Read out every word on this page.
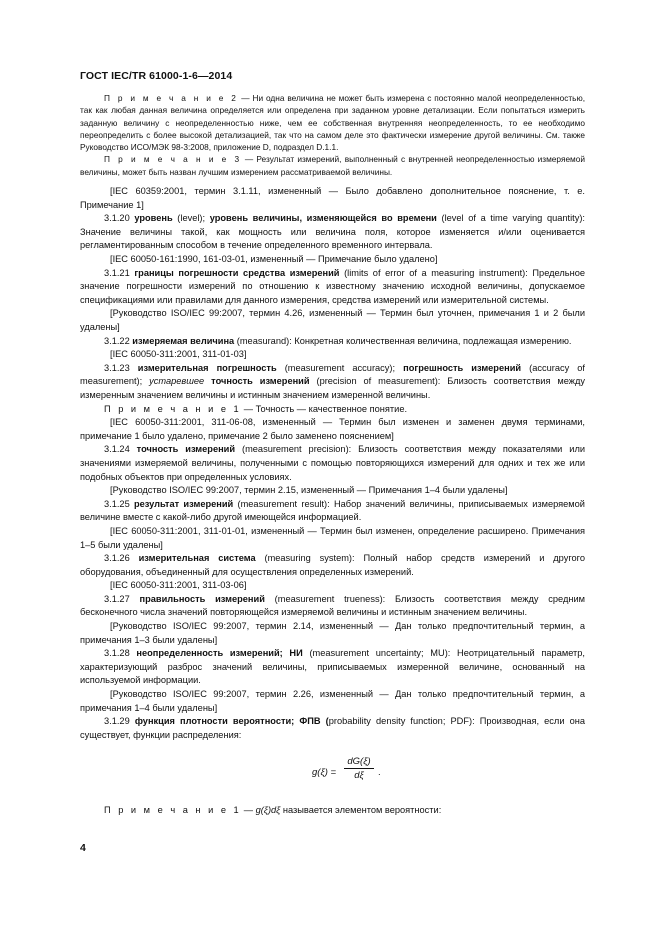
ГОСТ IEC/TR 61000-1-6—2014

П р и м е ч а н и е 2 — Ни одна величина не может быть измерена с постоянно малой неопределенностью, так как любая данная величина определяется или определена при заданном уровне детализации. Если попытаться измерить заданную величину с неопределенностью ниже, чем ее собственная внутренняя неопределенность, то ее необходимо переопределить с более высокой детализацией, так что на самом деле это фактически измерение другой величины. См. также Руководство ИСО/МЭК 98-3:2008, приложение D, подраздел D.1.1.

П р и м е ч а н и е 3 — Результат измерений, выполненный с внутренней неопределенностью измеряемой величины, может быть назван лучшим измерением рассматриваемой величины.

[IEC 60359:2001, термин 3.1.11, измененный — Было добавлено дополнительное пояснение, т. е. Примечание 1]

3.1.20 уровень (level); уровень величины, изменяющейся во времени (level of a time varying quantity): Значение величины такой, как мощность или величина поля, которое изменяется и/или оценивается регламентированным способом в течение определенного временного интервала.

[IEC 60050-161:1990, 161-03-01, измененный — Примечание было удалено]

3.1.21 границы погрешности средства измерений (limits of error of a measuring instrument): Предельное значение погрешности измерений по отношению к известному значению исходной величины, допускаемое спецификациями или правилами для данного измерения, средства измерений или измерительной системы.

[Руководство ISO/IEC 99:2007, термин 4.26, измененный — Термин был уточнен, примечания 1 и 2 были удалены]

3.1.22 измеряемая величина (measurand): Конкретная количественная величина, подлежащая измерению.

[IEC 60050-311:2001, 311-01-03]

3.1.23 измерительная погрешность (measurement accuracy); погрешность измерений (accuracy of measurement); устаревшее точность измерений (precision of measurement): Близость соответствия между измеренным значением величины и истинным значением измеренной величины.

П р и м е ч а н и е 1 — Точность — качественное понятие.

[IEC 60050-311:2001, 311-06-08, измененный — Термин был изменен и заменен двумя терминами, примечание 1 было удалено, примечание 2 было заменено пояснением]

3.1.24 точность измерений (measurement precision): Близость соответствия между показателями или значениями измеряемой величины, полученными с помощью повторяющихся измерений для одних и тех же или подобных объектов при определенных условиях.

[Руководство ISO/IEC 99:2007, термин 2.15, измененный — Примечания 1–4 были удалены]

3.1.25 результат измерений (measurement result): Набор значений величины, приписываемых измеряемой величине вместе с какой-либо другой имеющейся информацией.

[IEC 60050-311:2001, 311-01-01, измененный — Термин был изменен, определение расширено. Примечания 1–5 были удалены]

3.1.26 измерительная система (measuring system): Полный набор средств измерений и другого оборудования, объединенный для осуществления определенных измерений.

[IEC 60050-311:2001, 311-03-06]

3.1.27 правильность измерений (measurement trueness): Близость соответствия между средним бесконечного числа значений повторяющейся измеряемой величины и истинным значением величины.

[Руководство ISO/IEC 99:2007, термин 2.14, измененный — Дан только предпочтительный термин, а примечания 1–3 были удалены]

3.1.28 неопределенность измерений; НИ (measurement uncertainty; MU): Неотрицательный параметр, характеризующий разброс значений величины, приписываемых измеренной величине, основанный на используемой информации.

[Руководство ISO/IEC 99:2007, термин 2.26, измененный — Дан только предпочтительный термин, а примечания 1–4 были удалены]

3.1.29 функция плотности вероятности; ФПВ (probability density function; PDF): Производная, если она существует, функции распределения:

$g(\xi) = \frac{dG(\xi)}{d\xi}$ .

П р и м е ч а н и е 1 — g(ξ)dξ называется элементом вероятности:

4
